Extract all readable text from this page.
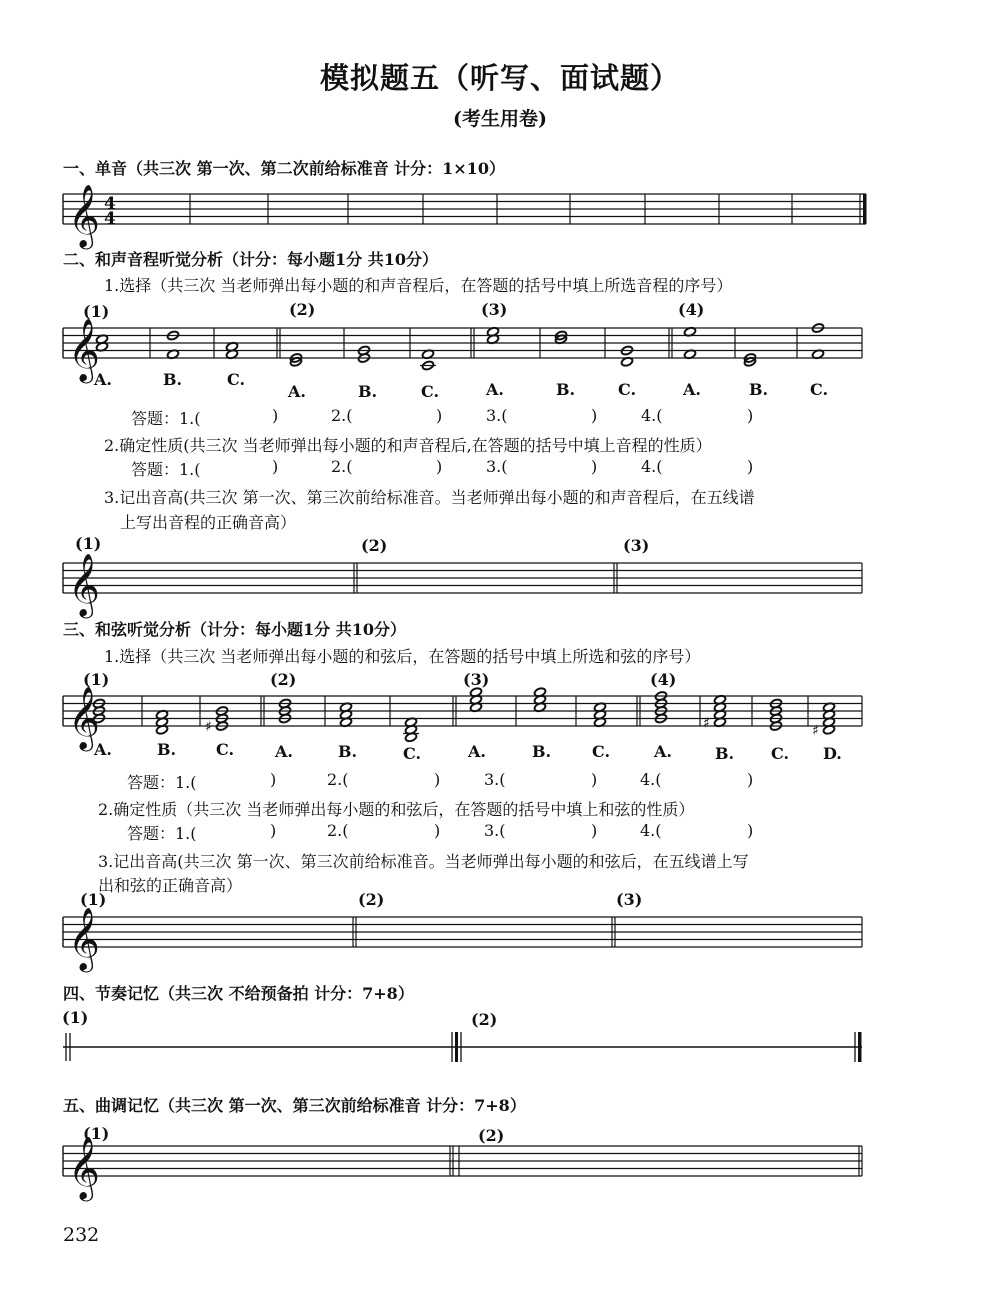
模拟题五（听写、面试题）
(考生用卷)
一、单音（共三次 第一次、第二次前给标准音 计分：1×10）
二、和声音程听觉分析（计分：每小题1分 共10分）
1.选择（共三次 当老师弹出每小题的和声音程后，在答题的括号中填上所选音程的序号）
(1)	(2)	(3)	(4)
A.	B.	C.
A.	B.	C.	A.	B.	C.	A.	B.	C.
答题：1.(	)	2.(	)	3.(	)	4.(	)
2.确定性质(共三次 当老师弹出每小题的和声音程后,在答题的括号中填上音程的性质）
答题：1.(	)	2.(	)	3.(	)	4.(	)
3.记出音高(共三次 第一次、第三次前给标准音。当老师弹出每小题的和声音程后，在五线谱
上写出音程的正确音高）
(1)	(2)	(3)
三、和弦听觉分析（计分：每小题1分 共10分）
1.选择（共三次 当老师弹出每小题的和弦后，在答题的括号中填上所选和弦的序号）
(1)	(2)	(3)	(4)
A.	B. C.	A.	B.	C.	A.	B.	C.	A.	B. C. D.
答题：1.(	)	2.(	)	3.(	)	4.(	)
2.确定性质（共三次 当老师弹出每小题的和弦后，在答题的括号中填上和弦的性质）
答题：1.(	)	2.(	)	3.(	)	4.(	)
3.记出音高(共三次 第一次、第三次前给标准音。当老师弹出每小题的和弦后，在五线谱上写
出和弦的正确音高）
(1)	(2)	(3)
四、节奏记忆（共三次 不给预备拍 计分：7+8）
(1)	(2)
五、曲调记忆（共三次 第一次、第三次前给标准音 计分：7+8）
(1)	(2)
232
𝄞 4
4
𝄞
𝄞
𝄞	♯	♯	♯
𝄞
𝄞
